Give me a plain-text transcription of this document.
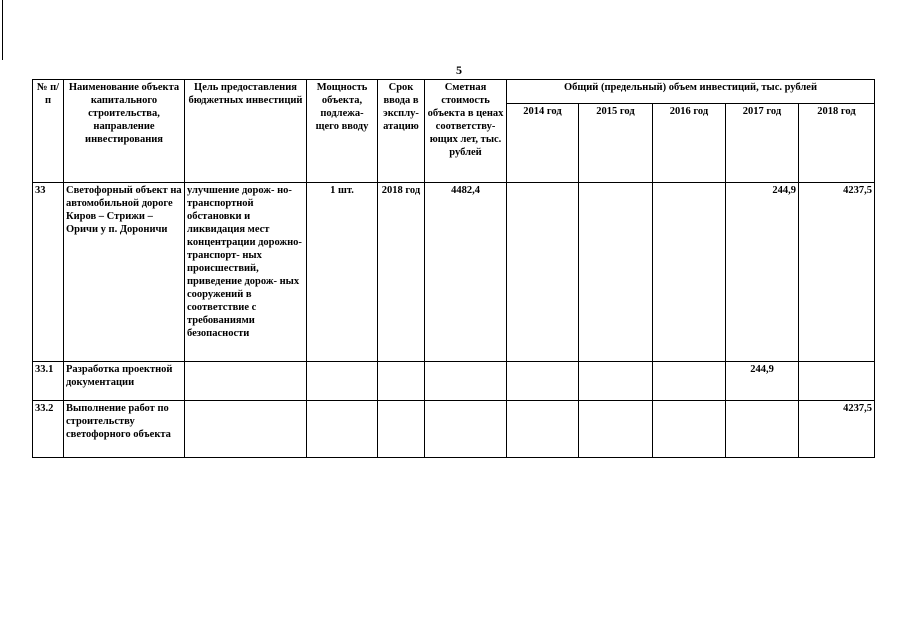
5
№ п/п	Наименование объекта капитального строительства, направление инвестирования	Цель предоставления бюджетных инвестиций	Мощность объекта, подлежа- щего вводу	Срок ввода в эксплу- атацию	Сметная стоимость объекта в ценах соответству- ющих лет, тыс. рублей	Общий (предельный) объем инвестиций, тыс. рублей				
						2014 год	2015 год	2016 год	2017 год	2018 год
33	Светофорный объект на автомобильной дороге Киров – Стрижи – Оричи у п. Дороничи	улучшение дорож- но-транспортной обстановки и ликвидация мест концентрации дорожно-транспорт- ных происшествий, приведение дорож- ных сооружений в соответствие с требованиями безопасности	1 шт.	2018 год	4482,4				244,9	4237,5
33.1	Разработка проектной документации								244,9	
33.2	Выполнение работ по строительству светофорного объекта									4237,5
